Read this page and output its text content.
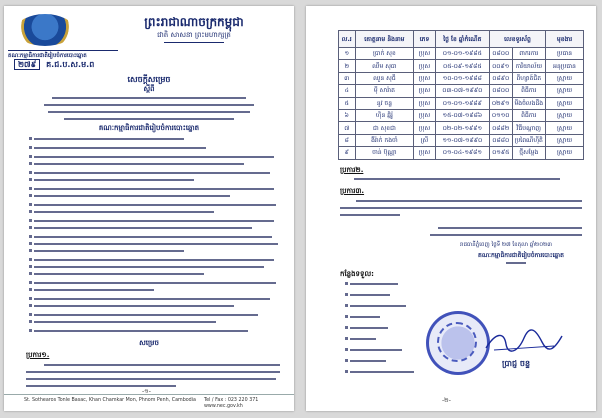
ព្រះរាជាណាចក្រកម្ពុជា
ជាតិ សាសនា ព្រះមហាក្សត្រ
គណៈកម្មាធិការជាតិរៀបចំការបោះឆ្នោត
២៧៩ គ.ជ.ប.ស.ម.ព
សេចក្តីសម្រេច
ស្តីពី
គណៈកម្មាធិការជាតិរៀបចំការបោះឆ្នោត
សម្រេច
ប្រការ១.
-១-
St. Sothearos Tonle Basac, Khan Chamkar Mon, Phnom Penh, Cambodia Tel / Fax : 023 220 371
www.nec.gov.kh
ល.រ	គោត្តនាម និងនាម	ភេទ	ថ្ងៃ ខែ ឆ្នាំកំណើត	លេខទូរស័ព្ទ		មុខងារ
១	ប្រាក់ សុខ	ប្រុស	០១-០១-១៩៨៥	០៨០០	ពាករការ	ប្រធាន
២	ឈឹម សុធា	ប្រុស	០៥-០៩-១៩៨៥	០០៩១	ការិយាល័យ	អនុប្រធាន
៣	ឈួន សុធី	ប្រុស	១០-០១-១៩៨៨	០៨៩០	ពីហ្សាត៍ជិត	ស្ម្រាយ
៤	ម៉ី សារ៉ាត	ប្រុស	០៣-០៧-១៩៩០	០៨០០	ពិធីការ	ស្ម្រាយ
៥	នូវ ចន្ទ	ប្រុស	០១-០១-១៩៨៩	០២៩១	មីងចំលងដឹង	ស្ម្រាយ
៦	ហ៊ិន ឆ្មិរ៉ូ	ប្រុស	១៥-០៧-១៩៨៦	០១១០	ពិធីការ	ស្ម្រាយ
៧	ជា សុខជា	ប្រុស	០២-០២-១៩៩១	០៨៨២	វិធីបណ្ដាញ	ស្ម្រាយ
៨	ងីរ៉ាក់ កងចាំ	ស្រី	១១-០៧-១៩៩០	០៨៨០	ប្រពៃណីហ៊ីតិ	ស្ម្រាយ
៩	ចាន់ ប៊ុណ្ណា	ប្រុស	០១-០៤-១៩៨១	០១៩៥	ថ្មីសម្ដែង	ស្ម្រាយ
ប្រការ២.
ប្រការ៣.
រាជធានីភ្នំពេញ ថ្ងៃទី ២៧ ខែតុលា ឆ្នាំ២០២៣
គណៈកម្មាធិការជាតិរៀបចំការបោះឆ្នោត
កន្លែងទទួល:
ប្រាជ្ញ ចន្ទ
-២-
